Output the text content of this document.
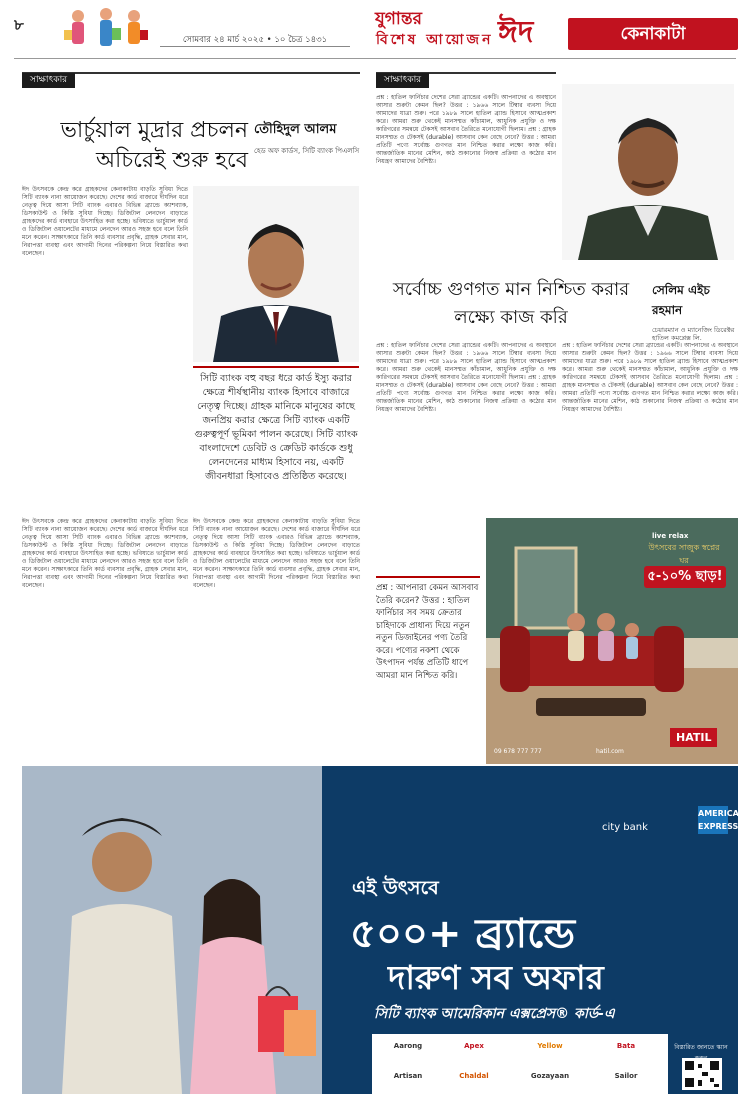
৮
সোমবার ২৪ মার্চ ২০২৫ • ১০ চৈত্র ১৪৩১
যুগান্তর
বিশেষ আয়োজন ঈদ	কেনাকাটা
সাক্ষাৎকার
ভার্চুয়াল মুদ্রার প্রচলন অচিরেই শুরু হবে
তৌহিদুল আলম
হেড অফ কার্ডস, সিটি ব্যাংক পিএলসি
ঈদ উৎসবকে কেন্দ্র করে গ্রাহকদের কেনাকাটায় বাড়তি সুবিধা দিতে সিটি ব্যাংক নানা আয়োজন করেছে। দেশের কার্ড বাজারে দীর্ঘদিন ধরে নেতৃত্ব দিয়ে আসা সিটি ব্যাংক এবারও বিভিন্ন ব্র্যান্ডে ক্যাশব্যাক, ডিসকাউন্ট ও কিস্তি সুবিধা দিচ্ছে। ডিজিটাল লেনদেন বাড়াতে গ্রাহকদের কার্ড ব্যবহারে উৎসাহিত করা হচ্ছে। ভবিষ্যতে ভার্চুয়াল কার্ড ও ডিজিটাল ওয়ালেটের মাধ্যমে লেনদেন আরও সহজ হবে বলে তিনি মনে করেন। সাক্ষাৎকারে তিনি কার্ড ব্যবসার প্রবৃদ্ধি, গ্রাহক সেবার মান, নিরাপত্তা ব্যবস্থা এবং আগামী দিনের পরিকল্পনা নিয়ে বিস্তারিত কথা বলেছেন।
সিটি ব্যাংক বহু বছর ধরে কার্ড ইস্যু করার ক্ষেত্রে শীর্ষস্থানীয় ব্যাংক হিসাবে বাজারে নেতৃত্ব দিচ্ছে। গ্রাহক মানিকে মানুষের কাছে জনপ্রিয় করার ক্ষেত্রে সিটি ব্যাংক একটি গুরুত্বপূর্ণ ভূমিকা পালন করেছে। সিটি ব্যাংক বাংলাদেশে ডেবিট ও ক্রেডিট কার্ডকে শুধু লেনদেনের মাধ্যম হিসাবে নয়, একটি জীবনধারা হিসাবেও প্রতিষ্ঠিত করেছে।
ঈদ উৎসবকে কেন্দ্র করে গ্রাহকদের কেনাকাটায় বাড়তি সুবিধা দিতে সিটি ব্যাংক নানা আয়োজন করেছে। দেশের কার্ড বাজারে দীর্ঘদিন ধরে নেতৃত্ব দিয়ে আসা সিটি ব্যাংক এবারও বিভিন্ন ব্র্যান্ডে ক্যাশব্যাক, ডিসকাউন্ট ও কিস্তি সুবিধা দিচ্ছে। ডিজিটাল লেনদেন বাড়াতে গ্রাহকদের কার্ড ব্যবহারে উৎসাহিত করা হচ্ছে। ভবিষ্যতে ভার্চুয়াল কার্ড ও ডিজিটাল ওয়ালেটের মাধ্যমে লেনদেন আরও সহজ হবে বলে তিনি মনে করেন। সাক্ষাৎকারে তিনি কার্ড ব্যবসার প্রবৃদ্ধি, গ্রাহক সেবার মান, নিরাপত্তা ব্যবস্থা এবং আগামী দিনের পরিকল্পনা নিয়ে বিস্তারিত কথা বলেছেন।
ঈদ উৎসবকে কেন্দ্র করে গ্রাহকদের কেনাকাটায় বাড়তি সুবিধা দিতে সিটি ব্যাংক নানা আয়োজন করেছে। দেশের কার্ড বাজারে দীর্ঘদিন ধরে নেতৃত্ব দিয়ে আসা সিটি ব্যাংক এবারও বিভিন্ন ব্র্যান্ডে ক্যাশব্যাক, ডিসকাউন্ট ও কিস্তি সুবিধা দিচ্ছে। ডিজিটাল লেনদেন বাড়াতে গ্রাহকদের কার্ড ব্যবহারে উৎসাহিত করা হচ্ছে। ভবিষ্যতে ভার্চুয়াল কার্ড ও ডিজিটাল ওয়ালেটের মাধ্যমে লেনদেন আরও সহজ হবে বলে তিনি মনে করেন। সাক্ষাৎকারে তিনি কার্ড ব্যবসার প্রবৃদ্ধি, গ্রাহক সেবার মান, নিরাপত্তা ব্যবস্থা এবং আগামী দিনের পরিকল্পনা নিয়ে বিস্তারিত কথা বলেছেন।
সাক্ষাৎকার
প্রশ্ন : হাতিল ফার্নিচার দেশের সেরা ব্র্যান্ডের একটি। আপনাদের এ অবস্থানে আসার শুরুটা কেমন ছিল? উত্তর : ১৯৬৬ সালে টিম্বার ব্যবসা দিয়ে আমাদের যাত্রা শুরু। পরে ১৯৮৯ সালে হাতিল ব্র্যান্ড হিসাবে আত্মপ্রকাশ করে। আমরা শুরু থেকেই মানসম্মত কাঁচামাল, আধুনিক প্রযুক্তি ও দক্ষ কারিগরের সমন্বয়ে টেকসই আসবাব তৈরিতে মনোযোগী ছিলাম। প্রশ্ন : গ্রাহক মানসম্মত ও টেকসই (durable) আসবাব কেন বেছে নেবে? উত্তর : আমরা প্রতিটি পণ্যে সর্বোচ্চ গুণগত মান নিশ্চিত করার লক্ষ্যে কাজ করি। আন্তর্জাতিক মানের মেশিন, কাঠ শুকানোর নিজস্ব প্রক্রিয়া ও কঠোর মান নিয়ন্ত্রণ আমাদের বৈশিষ্ট্য।
সর্বোচ্চ গুণগত মান নিশ্চিত করার লক্ষ্যে কাজ করি
সেলিম এইচ রহমান
চেয়ারম্যান ও ম্যানেজিং ডিরেক্টর হাতিল কমপ্লেক্স লি.
প্রশ্ন : হাতিল ফার্নিচার দেশের সেরা ব্র্যান্ডের একটি। আপনাদের এ অবস্থানে আসার শুরুটা কেমন ছিল? উত্তর : ১৯৬৬ সালে টিম্বার ব্যবসা দিয়ে আমাদের যাত্রা শুরু। পরে ১৯৮৯ সালে হাতিল ব্র্যান্ড হিসাবে আত্মপ্রকাশ করে। আমরা শুরু থেকেই মানসম্মত কাঁচামাল, আধুনিক প্রযুক্তি ও দক্ষ কারিগরের সমন্বয়ে টেকসই আসবাব তৈরিতে মনোযোগী ছিলাম। প্রশ্ন : গ্রাহক মানসম্মত ও টেকসই (durable) আসবাব কেন বেছে নেবে? উত্তর : আমরা প্রতিটি পণ্যে সর্বোচ্চ গুণগত মান নিশ্চিত করার লক্ষ্যে কাজ করি। আন্তর্জাতিক মানের মেশিন, কাঠ শুকানোর নিজস্ব প্রক্রিয়া ও কঠোর মান নিয়ন্ত্রণ আমাদের বৈশিষ্ট্য।
প্রশ্ন : হাতিল ফার্নিচার দেশের সেরা ব্র্যান্ডের একটি। আপনাদের এ অবস্থানে আসার শুরুটা কেমন ছিল? উত্তর : ১৯৬৬ সালে টিম্বার ব্যবসা দিয়ে আমাদের যাত্রা শুরু। পরে ১৯৮৯ সালে হাতিল ব্র্যান্ড হিসাবে আত্মপ্রকাশ করে। আমরা শুরু থেকেই মানসম্মত কাঁচামাল, আধুনিক প্রযুক্তি ও দক্ষ কারিগরের সমন্বয়ে টেকসই আসবাব তৈরিতে মনোযোগী ছিলাম। প্রশ্ন : গ্রাহক মানসম্মত ও টেকসই (durable) আসবাব কেন বেছে নেবে? উত্তর : আমরা প্রতিটি পণ্যে সর্বোচ্চ গুণগত মান নিশ্চিত করার লক্ষ্যে কাজ করি। আন্তর্জাতিক মানের মেশিন, কাঠ শুকানোর নিজস্ব প্রক্রিয়া ও কঠোর মান নিয়ন্ত্রণ আমাদের বৈশিষ্ট্য।
প্রশ্ন : আপনারা কেমন আসবাব তৈরি করেন? উত্তর : হাতিল ফার্নিচার সব সময় ক্রেতার চাহিদাকে প্রাধান্য দিয়ে নতুন নতুন ডিজাইনের পণ্য তৈরি করে। পণ্যের নকশা থেকে উৎপাদন পর্যন্ত প্রতিটি ধাপে আমরা মান নিশ্চিত করি।
live relax
উৎসবের সাজুক স্বপ্নের ঘর
৫-১০% ছাড়!
09 678 777 777	hatil.com
HATIL
city bank
AMERICAN EXPRESS
এই উৎসবে
৫০০+ ব্র্যান্ডে
দারুণ সব অফার
সিটি ব্যাংক আমেরিকান এক্সপ্রেস® কার্ড-এ
Aarong	Apex	Yellow	Bata
Artisan	Chaldal	Gozayaan	Sailor
বিস্তারিত জানতে স্ক্যান
